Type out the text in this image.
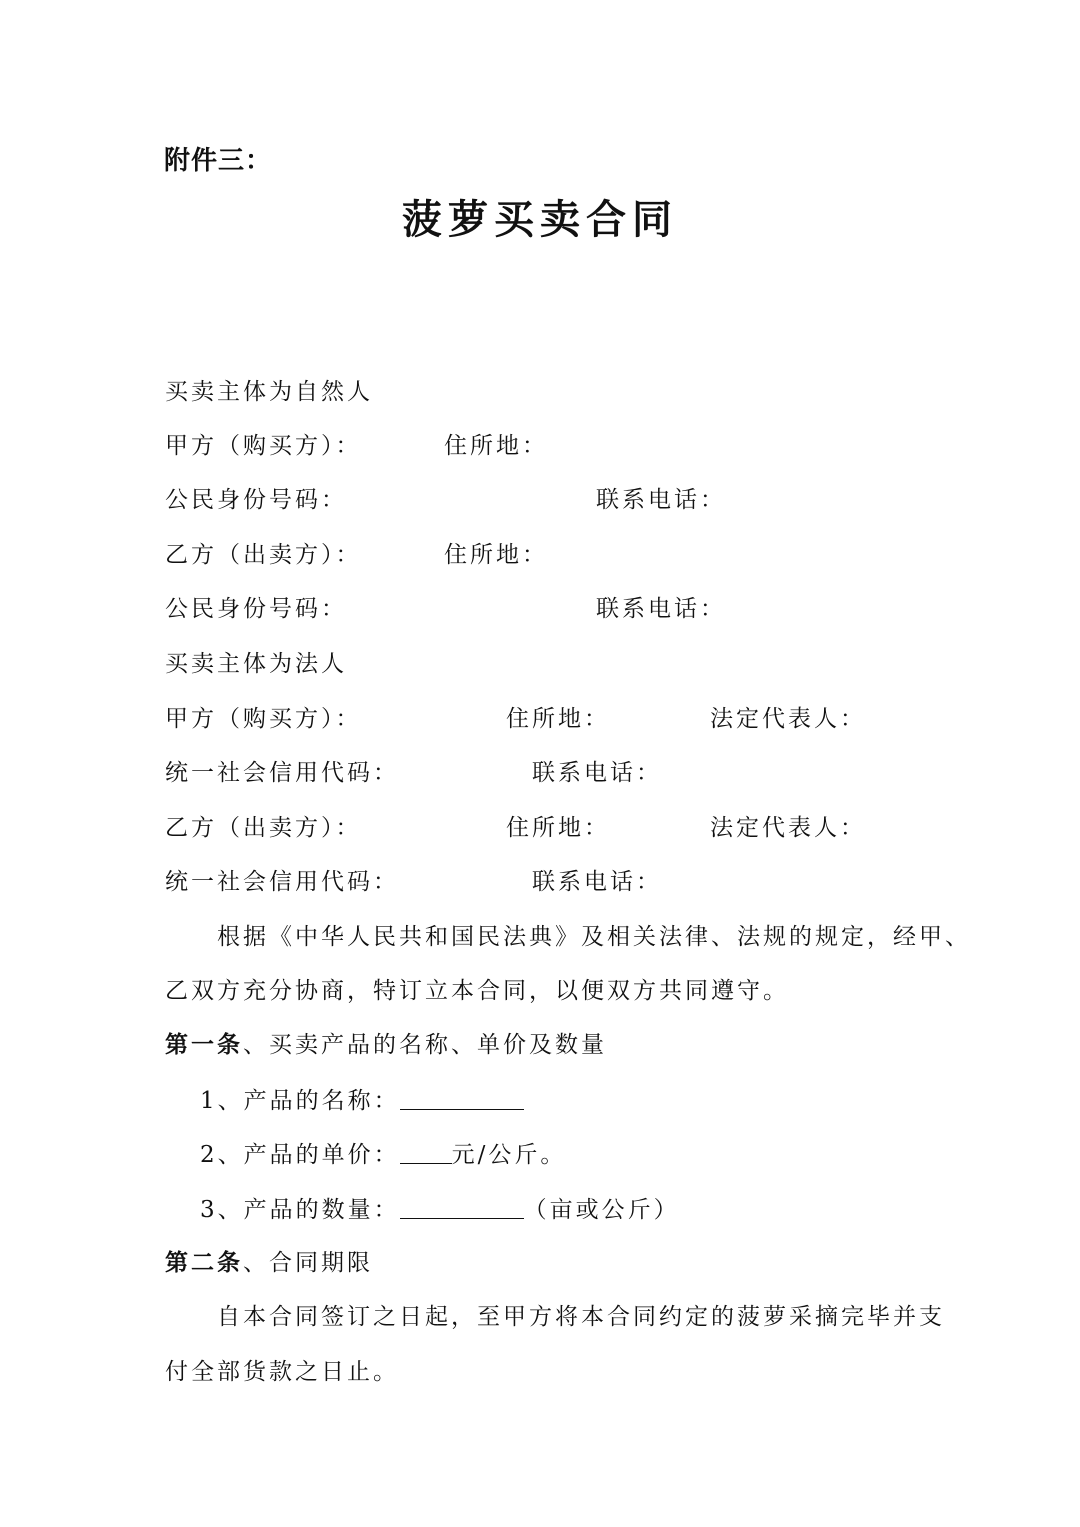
附件三：
菠萝买卖合同
买卖主体为自然人
甲方（购买方）：	住所地：
公民身份号码：	联系电话：
乙方（出卖方）：	住所地：
公民身份号码：	联系电话：
买卖主体为法人
甲方（购买方）：	住所地：	法定代表人：
统一社会信用代码：	联系电话：
乙方（出卖方）：	住所地：	法定代表人：
统一社会信用代码：	联系电话：
根据《中华人民共和国民法典》及相关法律、法规的规定，经甲、
乙双方充分协商，特订立本合同，以便双方共同遵守。
第一条、买卖产品的名称、单价及数量
1、产品的名称：
2、产品的单价： 元/公斤。
3、产品的数量：	（亩或公斤）
第二条、合同期限
自本合同签订之日起，至甲方将本合同约定的菠萝采摘完毕并支
付全部货款之日止。
